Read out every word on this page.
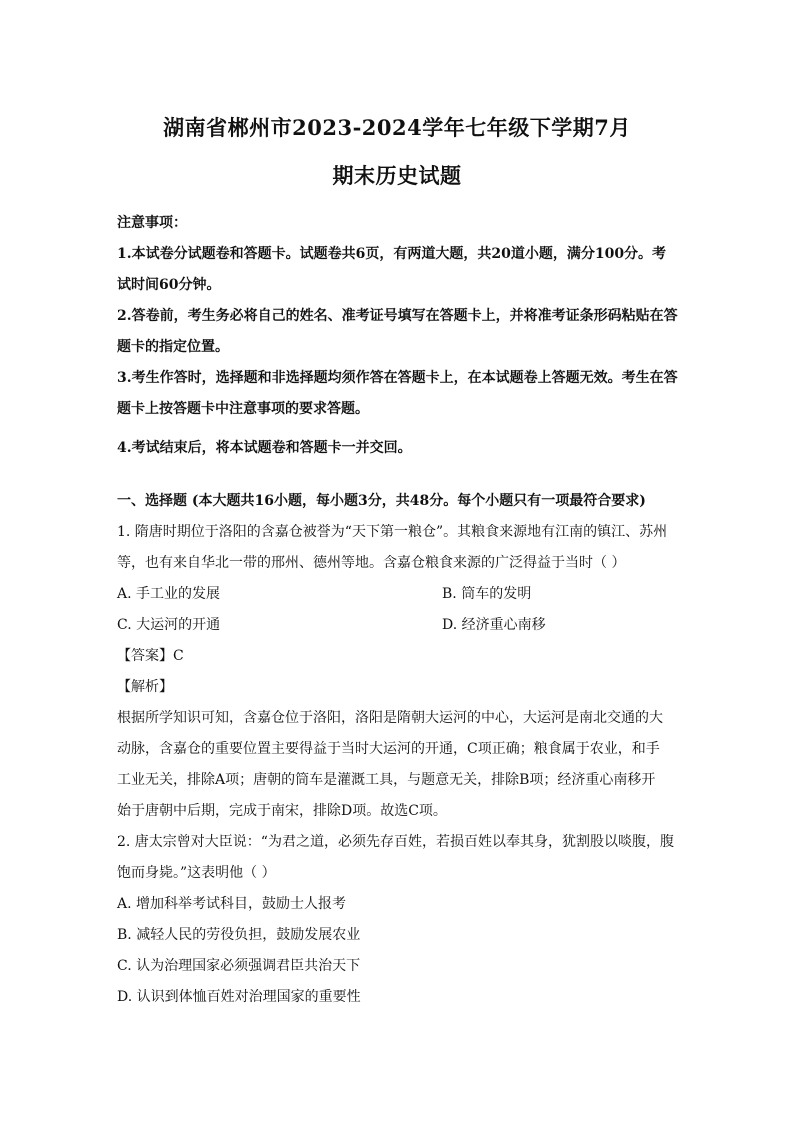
湖南省郴州市2023-2024学年七年级下学期7月
期末历史试题
注意事项：
1.本试卷分试题卷和答题卡。试题卷共6页，有两道大题，共20道小题，满分100分。考
试时间60分钟。
2.答卷前，考生务必将自己的姓名、准考证号填写在答题卡上，并将准考证条形码粘贴在答
题卡的指定位置。
3.考生作答时，选择题和非选择题均须作答在答题卡上，在本试题卷上答题无效。考生在答
题卡上按答题卡中注意事项的要求答题。
4.考试结束后，将本试题卷和答题卡一并交回。
一、选择题 (本大题共16小题，每小题3分，共48分。每个小题只有一项最符合要求)
1. 隋唐时期位于洛阳的含嘉仓被誉为“天下第一粮仓”。其粮食来源地有江南的镇江、苏州
等，也有来自华北一带的邢州、德州等地。含嘉仓粮食来源的广泛得益于当时（ ）
A. 手工业的发展	B. 筒车的发明
C. 大运河的开通	D. 经济重心南移
【答案】C
【解析】
根据所学知识可知，含嘉仓位于洛阳，洛阳是隋朝大运河的中心，大运河是南北交通的大
动脉，含嘉仓的重要位置主要得益于当时大运河的开通，C项正确；粮食属于农业，和手
工业无关，排除A项；唐朝的筒车是灌溉工具，与题意无关，排除B项；经济重心南移开
始于唐朝中后期，完成于南宋，排除D项。故选C项。
2. 唐太宗曾对大臣说：“为君之道，必须先存百姓，若损百姓以奉其身，犹割股以啖腹，腹
饱而身毙。”这表明他（ ）
A. 增加科举考试科目，鼓励士人报考
B. 减轻人民的劳役负担，鼓励发展农业
C. 认为治理国家必须强调君臣共治天下
D. 认识到体恤百姓对治理国家的重要性
